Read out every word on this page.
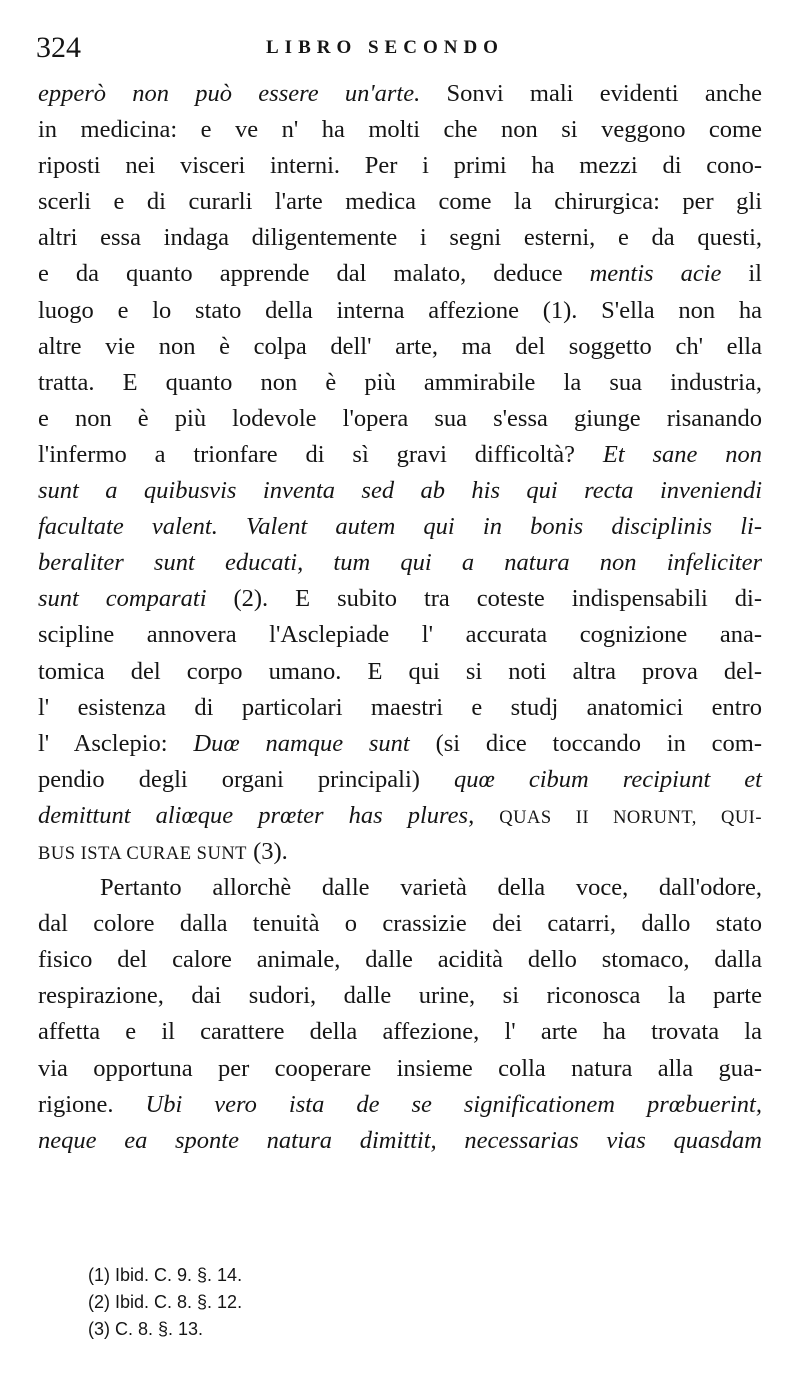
324	LIBRO SECONDO
epperò non può essere un'arte. Sonvi mali evidenti anche
in medicina: e ve n' ha molti che non si veggono come
riposti nei visceri interni. Per i primi ha mezzi di cono-
scerli e di curarli l'arte medica come la chirurgica: per gli
altri essa indaga diligentemente i segni esterni, e da questi,
e da quanto apprende dal malato, deduce mentis acie il
luogo e lo stato della interna affezione (1). S'ella non ha
altre vie non è colpa dell' arte, ma del soggetto ch' ella
tratta. E quanto non è più ammirabile la sua industria,
e non è più lodevole l'opera sua s'essa giunge risanando
l'infermo a trionfare di sì gravi difficoltà? Et sane non
sunt a quibusvis inventa sed ab his qui recta inveniendi
facultate valent. Valent autem qui in bonis disciplinis li-
beraliter sunt educati, tum qui a natura non infeliciter
sunt comparati (2). E subito tra coteste indispensabili di-
scipline annovera l'Asclepiade l' accurata cognizione ana-
tomica del corpo umano. E qui si noti altra prova del-
l' esistenza di particolari maestri e studj anatomici entro
l' Asclepio: Duœ namque sunt (si dice toccando in com-
pendio degli organi principali) quœ cibum recipiunt et
demittunt aliœque prœter has plures, QUAS II NORUNT, QUI-
BUS ISTA CURAE SUNT (3).
Pertanto allorchè dalle varietà della voce, dall'odore,
dal colore dalla tenuità o crassizie dei catarri, dallo stato
fisico del calore animale, dalle acidità dello stomaco, dalla
respirazione, dai sudori, dalle urine, si riconosca la parte
affetta e il carattere della affezione, l' arte ha trovata la
via opportuna per cooperare insieme colla natura alla gua-
rigione. Ubi vero ista de se significationem prœbuerint,
neque ea sponte natura dimittit, necessarias vias quasdam
(1) Ibid. C. 9. §. 14.
(2) Ibid. C. 8. §. 12.
(3) C. 8. §. 13.
